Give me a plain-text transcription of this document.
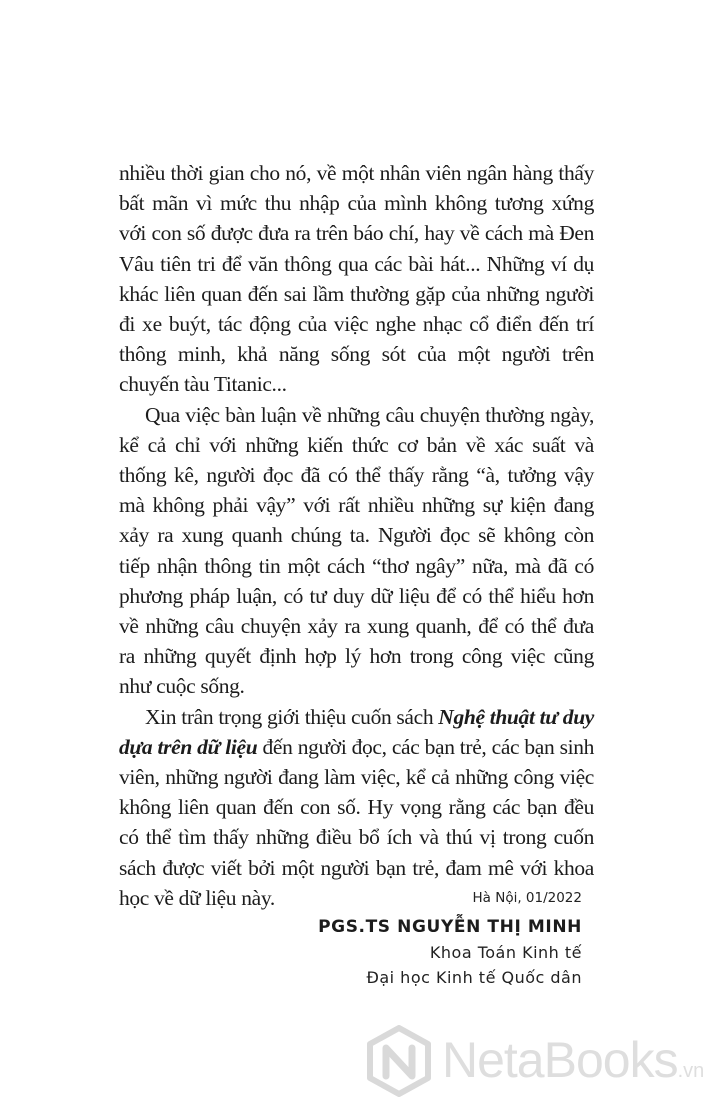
nhiều thời gian cho nó, về một nhân viên ngân hàng thấy bất mãn vì mức thu nhập của mình không tương xứng với con số được đưa ra trên báo chí, hay về cách mà Đen Vâu tiên tri để văn thông qua các bài hát... Những ví dụ khác liên quan đến sai lầm thường gặp của những người đi xe buýt, tác động của việc nghe nhạc cổ điển đến trí thông minh, khả năng sống sót của một người trên chuyến tàu Titanic...

Qua việc bàn luận về những câu chuyện thường ngày, kể cả chỉ với những kiến thức cơ bản về xác suất và thống kê, người đọc đã có thể thấy rằng “à, tưởng vậy mà không phải vậy” với rất nhiều những sự kiện đang xảy ra xung quanh chúng ta. Người đọc sẽ không còn tiếp nhận thông tin một cách “thơ ngây” nữa, mà đã có phương pháp luận, có tư duy dữ liệu để có thể hiểu hơn về những câu chuyện xảy ra xung quanh, để có thể đưa ra những quyết định hợp lý hơn trong công việc cũng như cuộc sống.

Xin trân trọng giới thiệu cuốn sách Nghệ thuật tư duy dựa trên dữ liệu đến người đọc, các bạn trẻ, các bạn sinh viên, những người đang làm việc, kể cả những công việc không liên quan đến con số. Hy vọng rằng các bạn đều có thể tìm thấy những điều bổ ích và thú vị trong cuốn sách được viết bởi một người bạn trẻ, đam mê với khoa học về dữ liệu này.	Hà Nội, 01/2022
PGS.TS NGUYỄN THỊ MINH
Khoa Toán Kinh tế
Đại học Kinh tế Quốc dân
NetaBooks.vn
